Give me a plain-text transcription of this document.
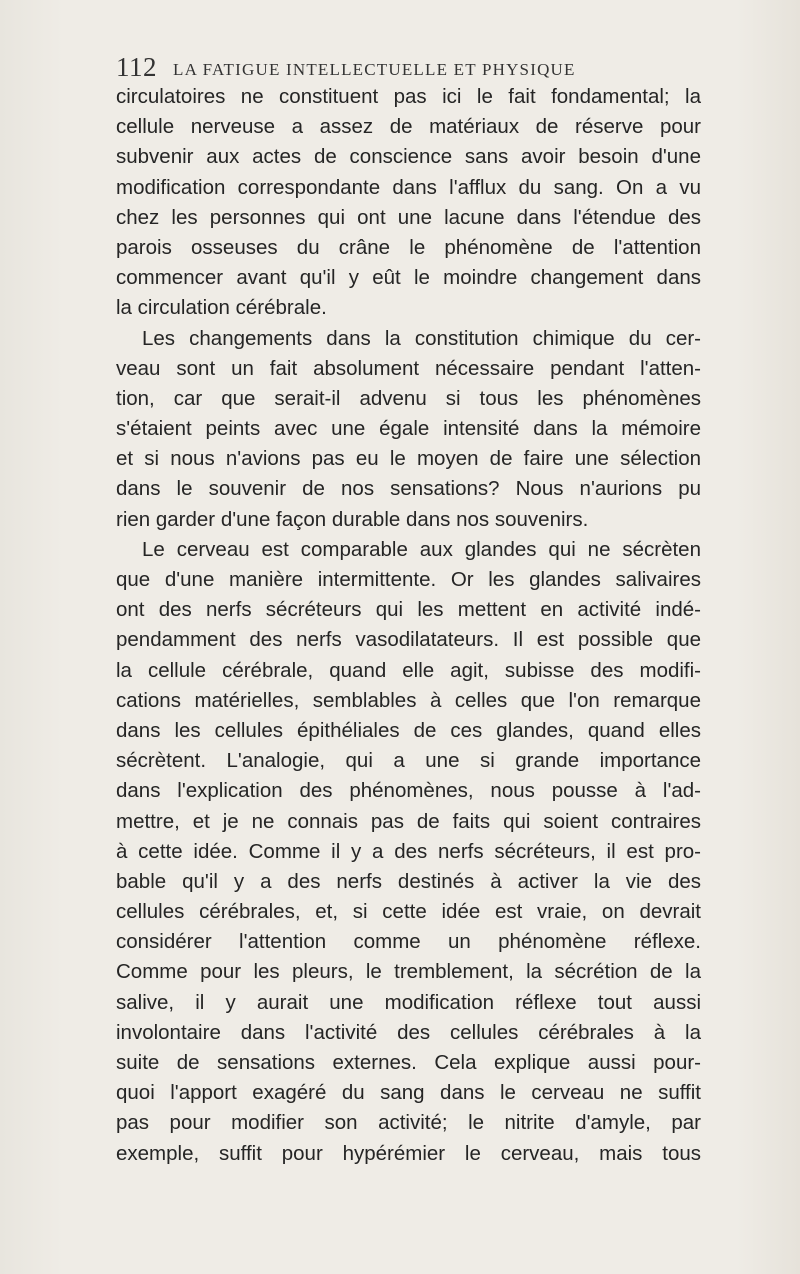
112 LA FATIGUE INTELLECTUELLE ET PHYSIQUE
circulatoires ne constituent pas ici le fait fondamental; la
cellule nerveuse a assez de matériaux de réserve pour
subvenir aux actes de conscience sans avoir besoin d'une
modification correspondante dans l'afflux du sang. On a vu
chez les personnes qui ont une lacune dans l'étendue des
parois osseuses du crâne le phénomène de l'attention
commencer avant qu'il y eût le moindre changement dans
la circulation cérébrale.
Les changements dans la constitution chimique du cer-
veau sont un fait absolument nécessaire pendant l'atten-
tion, car que serait-il advenu si tous les phénomènes
s'étaient peints avec une égale intensité dans la mémoire
et si nous n'avions pas eu le moyen de faire une sélection
dans le souvenir de nos sensations? Nous n'aurions pu
rien garder d'une façon durable dans nos souvenirs.
Le cerveau est comparable aux glandes qui ne sécrèten
que d'une manière intermittente. Or les glandes salivaires
ont des nerfs sécréteurs qui les mettent en activité indé-
pendamment des nerfs vasodilatateurs. Il est possible que
la cellule cérébrale, quand elle agit, subisse des modifi-
cations matérielles, semblables à celles que l'on remarque
dans les cellules épithéliales de ces glandes, quand elles
sécrètent. L'analogie, qui a une si grande importance
dans l'explication des phénomènes, nous pousse à l'ad-
mettre, et je ne connais pas de faits qui soient contraires
à cette idée. Comme il y a des nerfs sécréteurs, il est pro-
bable qu'il y a des nerfs destinés à activer la vie des
cellules cérébrales, et, si cette idée est vraie, on devrait
considérer l'attention comme un phénomène réflexe.
Comme pour les pleurs, le tremblement, la sécrétion de la
salive, il y aurait une modification réflexe tout aussi
involontaire dans l'activité des cellules cérébrales à la
suite de sensations externes. Cela explique aussi pour-
quoi l'apport exagéré du sang dans le cerveau ne suffit
pas pour modifier son activité; le nitrite d'amyle, par
exemple, suffit pour hypérémier le cerveau, mais tous
